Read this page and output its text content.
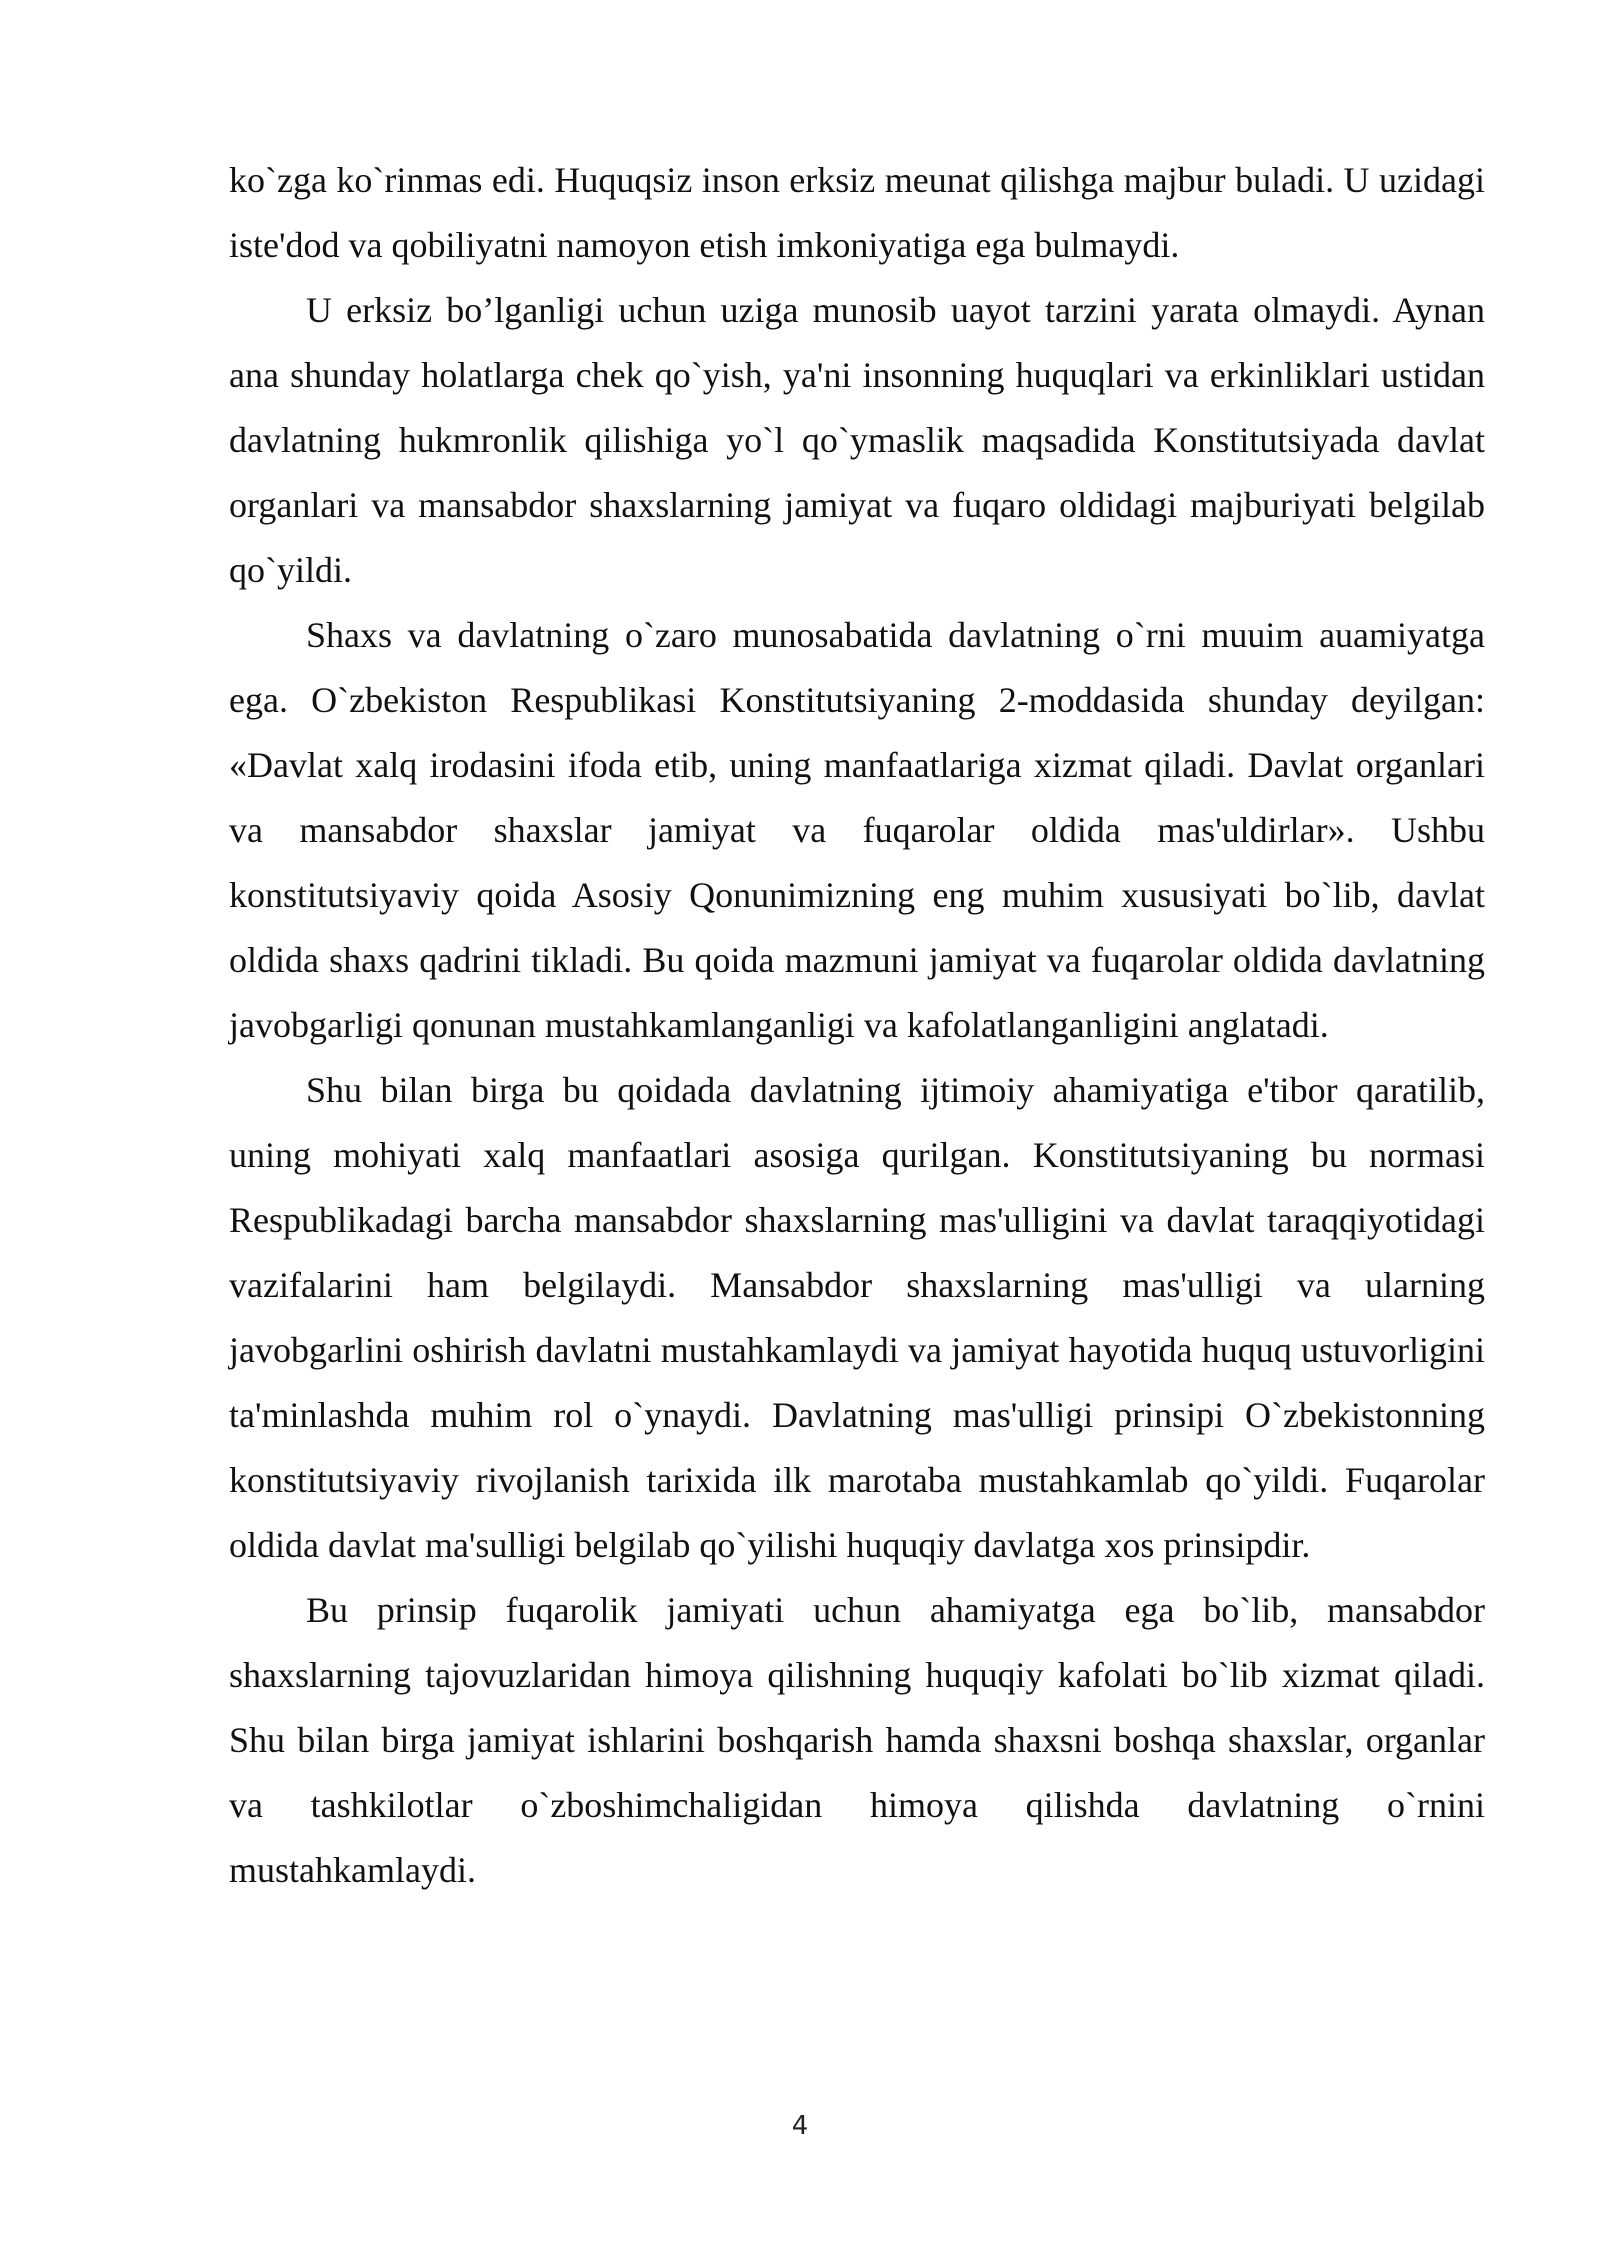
ko`zga ko`rinmas edi. Huquqsiz inson erksiz meunat qilishga majbur buladi. U uzidagi iste'dod va qobiliyatni namoyon etish imkoniyatiga ega bulmaydi.

U erksiz bo’lganligi uchun uziga munosib uayot tarzini yarata olmaydi. Aynan ana shunday holatlarga chek qo`yish, ya'ni insonning huquqlari va erkinliklari ustidan davlatning hukmronlik qilishiga yo`l qo`ymaslik maqsadida Konstitutsiyada davlat organlari va mansabdor shaxslarning jamiyat va fuqaro oldidagi majburiyati belgilab qo`yildi.

Shaxs va davlatning o`zaro munosabatida davlatning o`rni muuim auamiyatga ega. O`zbekiston Respublikasi Konstitutsiyaning 2-moddasida shunday deyilgan: «Davlat xalq irodasini ifoda etib, uning manfaatlariga xizmat qiladi. Davlat organlari va mansabdor shaxslar jamiyat va fuqarolar oldida mas'uldirlar». Ushbu konstitutsiyaviy qoida Asosiy Qonunimizning eng muhim xususiyati bo`lib, davlat oldida shaxs qadrini tikladi. Bu qoida mazmuni jamiyat va fuqarolar oldida davlatning javobgarligi qonunan mustahkamlanganligi va kafolatlanganligini anglatadi.

Shu bilan birga bu qoidada davlatning ijtimoiy ahamiyatiga e'tibor qaratilib, uning mohiyati xalq manfaatlari asosiga qurilgan. Konstitutsiyaning bu normasi Respublikadagi barcha mansabdor shaxslarning mas'ulligini va davlat taraqqiyotidagi vazifalarini ham belgilaydi. Mansabdor shaxslarning mas'ulligi va ularning javobgarlini oshirish davlatni mustahkamlaydi va jamiyat hayotida huquq ustuvorligini ta'minlashda muhim rol o`ynaydi. Davlatning mas'ulligi prinsipi O`zbekistonning konstitutsiyaviy rivojlanish tarixida ilk marotaba mustahkamlab qo`yildi. Fuqarolar oldida davlat ma'sulligi belgilab qo`yilishi huquqiy davlatga xos prinsipdir.

Bu prinsip fuqarolik jamiyati uchun ahamiyatga ega bo`lib, mansabdor shaxslarning tajovuzlaridan himoya qilishning huquqiy kafolati bo`lib xizmat qiladi. Shu bilan birga jamiyat ishlarini boshqarish hamda shaxsni boshqa shaxslar, organlar va tashkilotlar o`zboshimchaligidan himoya qilishda davlatning o`rnini mustahkamlaydi.

4
